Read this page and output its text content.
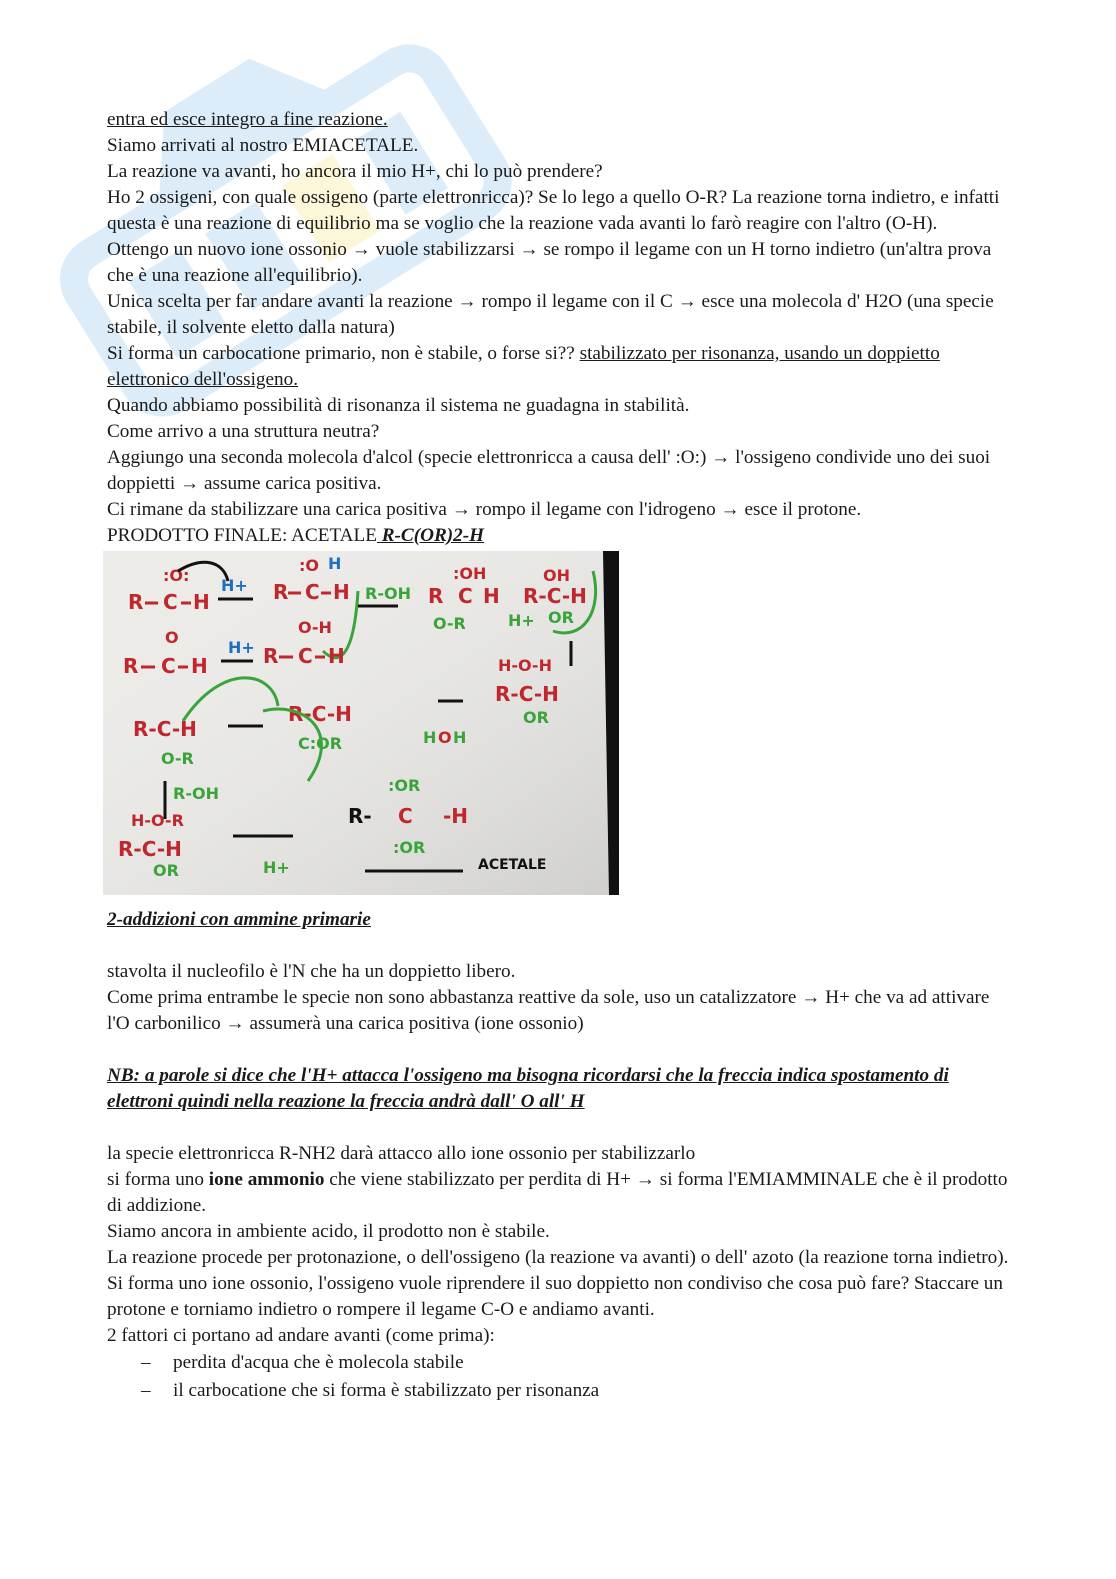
entra ed esce integro a fine reazione.

Siamo arrivati al nostro EMIACETALE.

La reazione va avanti, ho ancora il mio H+, chi lo può prendere?

Ho 2 ossigeni, con quale ossigeno (parte elettronricca)? Se lo lego a quello O-R? La reazione torna indietro, e infatti questa è una reazione di equilibrio ma se voglio che la reazione vada avanti lo farò reagire con l'altro (O-H).

Ottengo un nuovo ione ossonio → vuole stabilizzarsi → se rompo il legame con un H torno indietro (un'altra prova che è una reazione all'equilibrio).

Unica scelta per far andare avanti la reazione → rompo il legame con il C → esce una molecola d' H2O (una specie stabile, il solvente eletto dalla natura)

Si forma un carbocatione primario, non è stabile, o forse si?? stabilizzato per risonanza, usando un doppietto elettronico dell'ossigeno.

Quando abbiamo possibilità di risonanza il sistema ne guadagna in stabilità.

Come arrivo a una struttura neutra?

Aggiungo una seconda molecola d'alcol (specie elettronricca a causa dell' :O:) → l'ossigeno condivide uno dei suoi doppietti → assume carica positiva.

Ci rimane da stabilizzare una carica positiva → rompo il legame con l'idrogeno → esce il protone.

PRODOTTO FINALE: ACETALE R-C(OR)2-H

R C H
:O:
H+ R C H
:O H
R-OH
R C H
O
H+ R C H
O-H
:OH
R C H
O-R
OH
R-C-H
OR
H+
H-O-H
R-C-H
OR
R-C-H
O-R
R-C-H
C:OR	H O H
R-OH
H-O-R
R-C-H
OR	H+
:OR
R- C -H
:OR
ACETALE

2-addizioni con ammine primarie

stavolta il nucleofilo è l'N che ha un doppietto libero.

Come prima entrambe le specie non sono abbastanza reattive da sole, uso un catalizzatore → H+ che va ad attivare l'O carbonilico → assumerà una carica positiva (ione ossonio)

NB: a parole si dice che l'H+ attacca l'ossigeno ma bisogna ricordarsi che la freccia indica spostamento di elettroni quindi nella reazione la freccia andrà dall' O all' H

la specie elettronricca R-NH2 darà attacco allo ione ossonio per stabilizzarlo

si forma uno ione ammonio che viene stabilizzato per perdita di H+ → si forma l'EMIAMMINALE che è il prodotto di addizione.

Siamo ancora in ambiente acido, il prodotto non è stabile.

La reazione procede per protonazione, o dell'ossigeno (la reazione va avanti) o dell' azoto (la reazione torna indietro).

Si forma uno ione ossonio, l'ossigeno vuole riprendere il suo doppietto non condiviso che cosa può fare? Staccare un protone e torniamo indietro o rompere il legame C-O e andiamo avanti.

2 fattori ci portano ad andare avanti (come prima):

– perdita d'acqua che è molecola stabile
– il carbocatione che si forma è stabilizzato per risonanza
